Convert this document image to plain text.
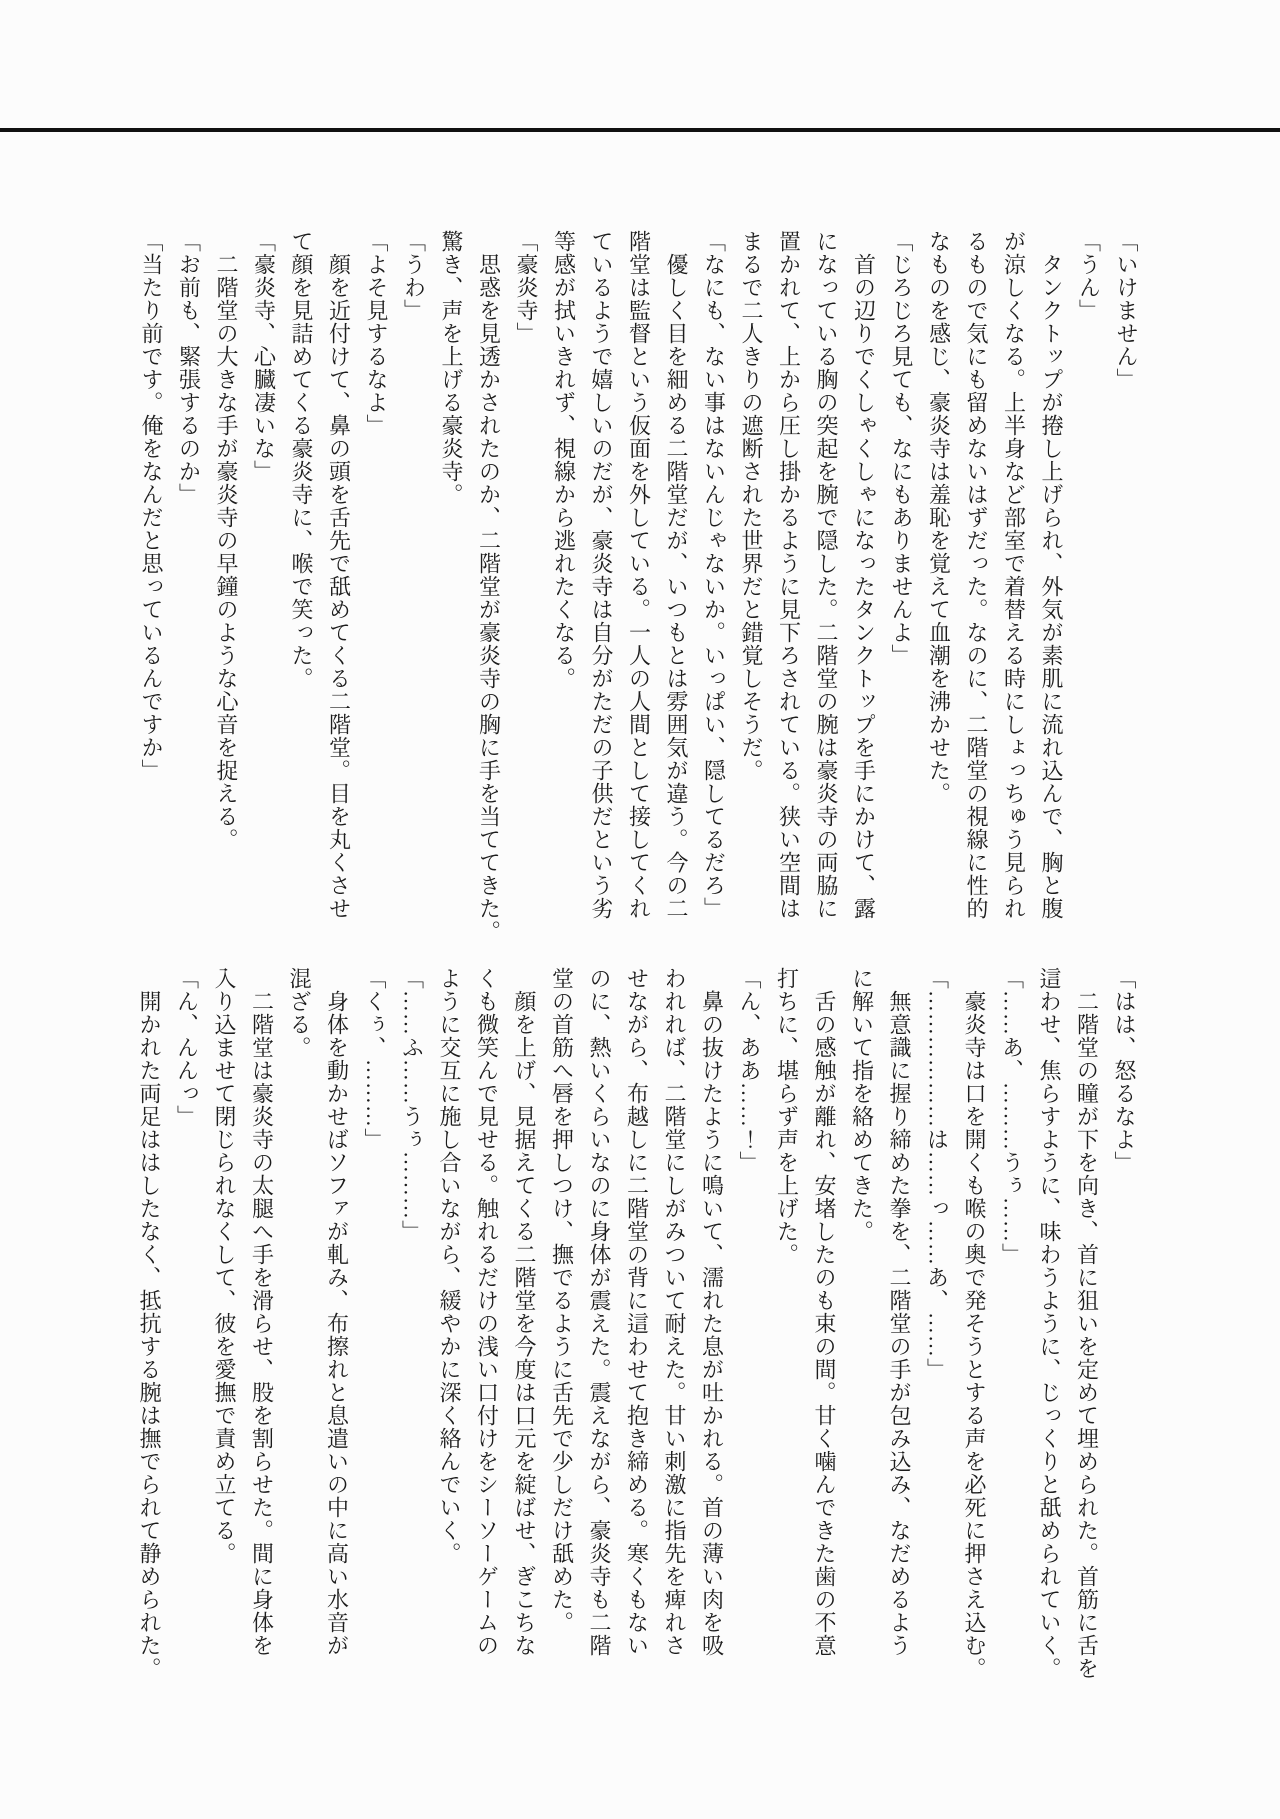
「いけません」
「うん」
タンクトップが捲し上げられ、外気が素肌に流れ込んで、胸と腹
が涼しくなる。上半身など部室で着替える時にしょっちゅう見られ
るもので気にも留めないはずだった。なのに、二階堂の視線に性的
なものを感じ、豪炎寺は羞恥を覚えて血潮を沸かせた。
「じろじろ見ても、なにもありませんよ」
首の辺りでくしゃくしゃになったタンクトップを手にかけて、露
になっている胸の突起を腕で隠した。二階堂の腕は豪炎寺の両脇に
置かれて、上から圧し掛かるように見下ろされている。狭い空間は
まるで二人きりの遮断された世界だと錯覚しそうだ。
「なにも、ない事はないんじゃないか。いっぱい、隠してるだろ」
優しく目を細める二階堂だが、いつもとは雰囲気が違う。今の二
階堂は監督という仮面を外している。一人の人間として接してくれ
ているようで嬉しいのだが、豪炎寺は自分がただの子供だという劣
等感が拭いきれず、視線から逃れたくなる。
「豪炎寺」
思惑を見透かされたのか、二階堂が豪炎寺の胸に手を当ててきた。
驚き、声を上げる豪炎寺。
「うわ」
「よそ見するなよ」
顔を近付けて、鼻の頭を舌先で舐めてくる二階堂。目を丸くさせ
て顔を見詰めてくる豪炎寺に、喉で笑った。
「豪炎寺、心臓凄いな」
二階堂の大きな手が豪炎寺の早鐘のような心音を捉える。
「お前も、緊張するのか」
「当たり前です。俺をなんだと思っているんですか」
「はは、怒るなよ」
二階堂の瞳が下を向き、首に狙いを定めて埋められた。首筋に舌を
這わせ、焦らすように、味わうように、じっくりと舐められていく。
「……あ、………うぅ……」
豪炎寺は口を開くも喉の奥で発そうとする声を必死に押さえ込む。
「………………は……っ……あ、……」
無意識に握り締めた拳を、二階堂の手が包み込み、なだめるよう
に解いて指を絡めてきた。
舌の感触が離れ、安堵したのも束の間。甘く噛んできた歯の不意
打ちに、堪らず声を上げた。
「ん、ああ……！」
鼻の抜けたように鳴いて、濡れた息が吐かれる。首の薄い肉を吸
われれば、二階堂にしがみついて耐えた。甘い刺激に指先を痺れさ
せながら、布越しに二階堂の背に這わせて抱き締める。寒くもない
のに、熱いくらいなのに身体が震えた。震えながら、豪炎寺も二階
堂の首筋へ唇を押しつけ、撫でるように舌先で少しだけ舐めた。
顔を上げ、見据えてくる二階堂を今度は口元を綻ばせ、ぎこちな
くも微笑んで見せる。触れるだけの浅い口付けをシーソーゲームの
ように交互に施し合いながら、緩やかに深く絡んでいく。
「……ふ……うぅ………」
「くぅ、………」
身体を動かせばソファが軋み、布擦れと息遣いの中に高い水音が
混ざる。
二階堂は豪炎寺の太腿へ手を滑らせ、股を割らせた。間に身体を
入り込ませて閉じられなくして、彼を愛撫で責め立てる。
「ん、んんっ」
開かれた両足ははしたなく、抵抗する腕は撫でられて静められた。
